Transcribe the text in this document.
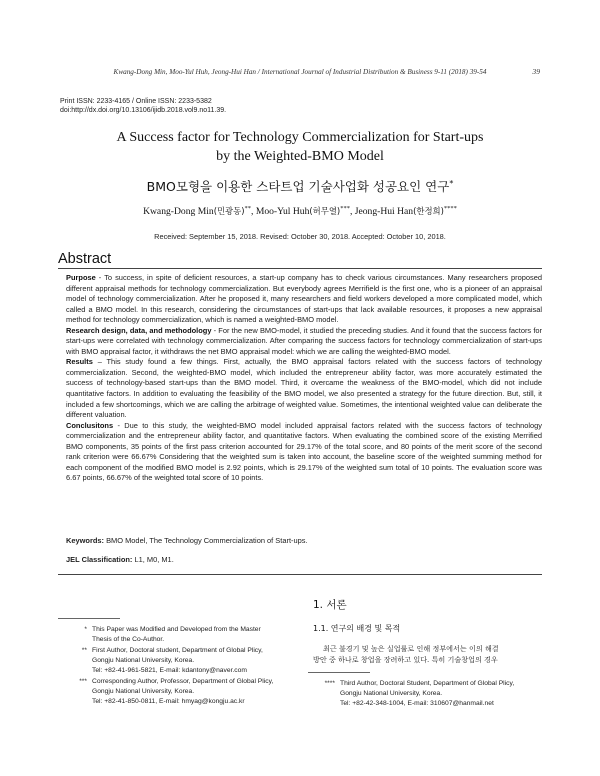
Kwang-Dong Min, Moo-Yul Huh, Jeong-Hui Han / International Journal of Industrial Distribution & Business 9-11 (2018) 39-54	39
Print ISSN: 2233-4165 / Online ISSN: 2233-5382
doi:http://dx.doi.org/10.13106/ijidb.2018.vol9.no11.39.
A Success factor for Technology Commercialization for Start-ups
by the Weighted-BMO Model
BMO모형을 이용한 스타트업 기술사업화 성공요인 연구*
Kwang-Dong Min(민광동)**, Moo-Yul Huh(허무열)***, Jeong-Hui Han(한정희)****
Received: September 15, 2018. Revised: October 30, 2018. Accepted: October 10, 2018.
Abstract

Purpose - To success, in spite of deficient resources, a start-up company has to check various circumstances. Many researchers proposed different appraisal methods for technology commercialization. But everybody agrees Merrifield is the first one, who is a pioneer of an appraisal model of technology commercialization. After he proposed it, many researchers and field workers developed a more complicated model, which called a BMO model. In this research, considering the circumstances of start-ups that lack available resources, it proposes a new appraisal method for technology commercialization, which is named a weighted-BMO model.

Research design, data, and methodology - For the new BMO-model, it studied the preceding studies. And it found that the success factors for start-ups were correlated with technology commercialization. After comparing the success factors for technology commercialization of start-ups with BMO appraisal factor, it withdraws the net BMO appraisal model: which we are calling the weighted-BMO model.

Results – This study found a few things. First, actually, the BMO appraisal factors related with the success factors of technology commercialization. Second, the weighted-BMO model, which included the entrepreneur ability factor, was more accurately estimated the success of technology-based start-ups than the BMO model. Third, it overcame the weakness of the BMO-model, which did not include quantitative factors. In addition to evaluating the feasibility of the BMO model, we also presented a strategy for the future direction. But, still, it included a few shortcomings, which we are calling the arbitrage of weighted value. Sometimes, the intentional weighted value can deliberate the different valuation.

Conclusitons - Due to this study, the weighted-BMO model included appraisal factors related with the success factors of technology commercialization and the entrepreneur ability factor, and quantitative factors. When evaluating the combined score of the existing Merrified BMO components, 35 points of the first pass criterion accounted for 29.17% of the total score, and 80 points of the merit score of the second rank criterion were 66.67% Considering that the weighted sum is taken into account, the baseline score of the weighted summing method for each component of the modified BMO model is 2.92 points, which is 29.17% of the weighted sum total of 10 points. The evaluation score was 6.67 points, 66.67% of the weighted total score of 10 points.

Keywords: BMO Model, The Technology Commercialization of Start-ups.
JEL Classification: L1, M0, M1.
* This Paper was Modified and Developed from the Master
Thesis of the Co-Author.
** First Author, Doctoral student, Department of Global Plicy,
Gongju National University, Korea.
Tel: +82-41-961-5821, E-mail: kdantony@naver.com
*** Corresponding Author, Professor, Department of Global Plicy,
Gongju National University, Korea.
Tel: +82-41-850-0811, E-mail: hmyag@kongju.ac.kr
1. 서론
1.1. 연구의 배경 및 목적

최근 불경기 및 높은 실업률로 인해 정부에서는 이의 해결

방안 중 하나로 창업을 장려하고 있다. 특히 기술창업의 경우
**** Third Author, Doctoral Student, Department of Global Plicy,
Gongju National University, Korea.
Tel: +82-42-348-1004, E-mail: 310607@hanmail.net
